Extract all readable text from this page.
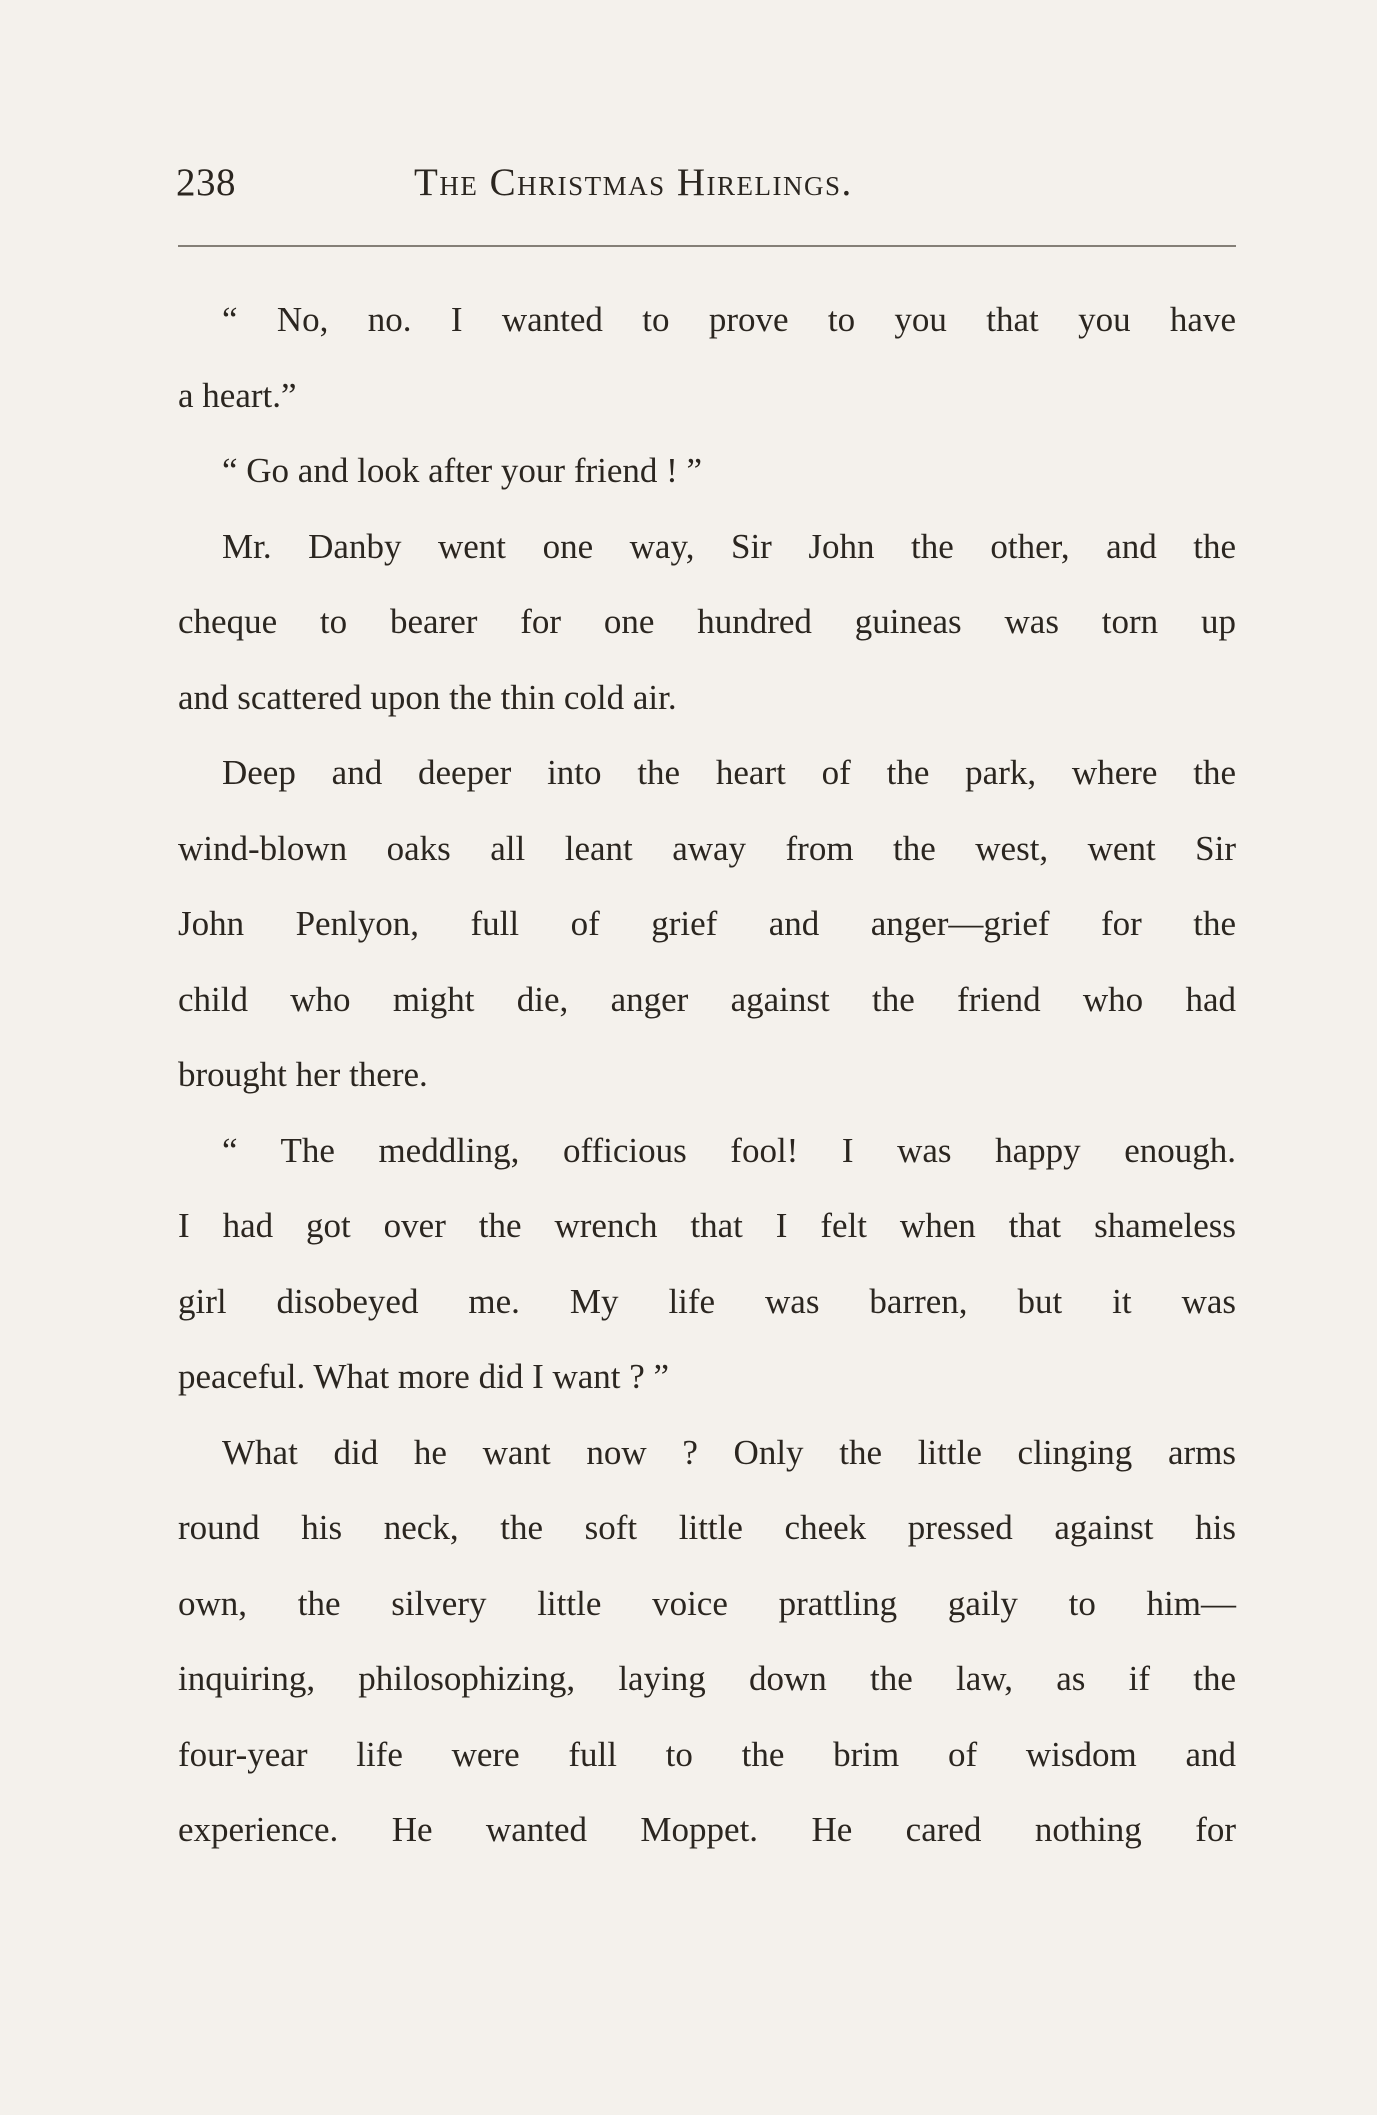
238	The Christmas Hirelings.
“ No, no. I wanted to prove to you that you have
a heart.”
“ Go and look after your friend ! ”
Mr. Danby went one way, Sir John the other, and the
cheque to bearer for one hundred guineas was torn up
and scattered upon the thin cold air.
Deep and deeper into the heart of the park, where the
wind-blown oaks all leant away from the west, went Sir
John Penlyon, full of grief and anger—grief for the
child who might die, anger against the friend who had
brought her there.
“ The meddling, officious fool! I was happy enough.
I had got over the wrench that I felt when that shameless
girl disobeyed me. My life was barren, but it was
peaceful. What more did I want ? ”
What did he want now ? Only the little clinging arms
round his neck, the soft little cheek pressed against his
own, the silvery little voice prattling gaily to him—
inquiring, philosophizing, laying down the law, as if the
four-year life were full to the brim of wisdom and
experience. He wanted Moppet. He cared nothing for
